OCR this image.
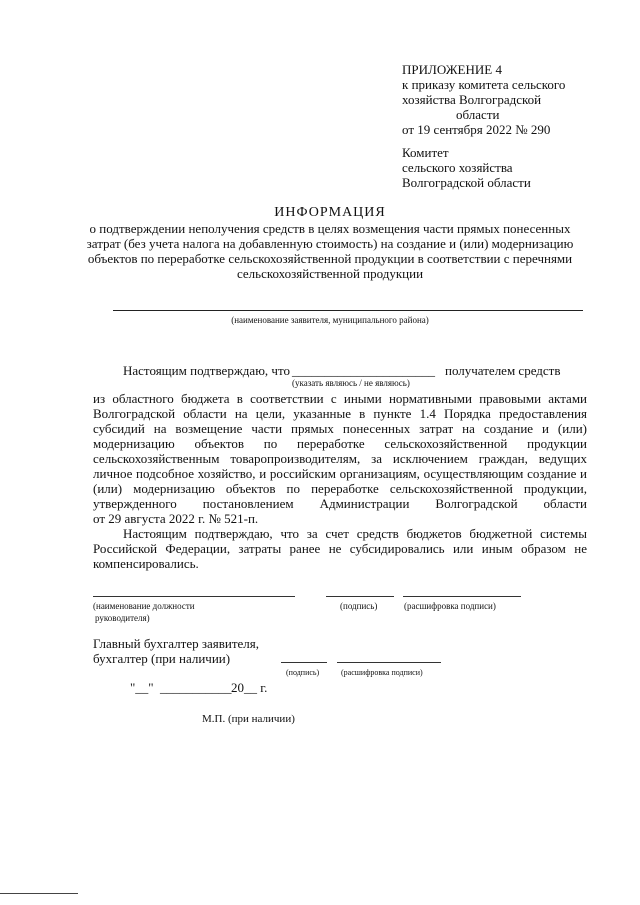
ПРИЛОЖЕНИЕ 4
к приказу комитета сельского
хозяйства Волгоградской
области
от 19 сентября 2022 № 290
Комитет
сельского хозяйства
Волгоградской области
ИНФОРМАЦИЯ
о подтверждении неполучения средств в целях возмещения части прямых понесенных
затрат (без учета налога на добавленную стоимость) на создание и (или) модернизацию
объектов по переработке сельскохозяйственной продукции в соответствии с перечнями
сельскохозяйственной продукции
(наименование заявителя, муниципального района)
Настоящим подтверждаю, что ______________________ получателем средств
(указать являюсь / не являюсь)
из областного бюджета в соответствии с иными нормативными правовыми актами
Волгоградской области на цели, указанные в пункте 1.4 Порядка предоставления
субсидий на возмещение части прямых понесенных затрат на создание и (или)
модернизацию объектов по переработке сельскохозяйственной продукции
сельскохозяйственным товаропроизводителям, за исключением граждан, ведущих
личное подсобное хозяйство, и российским организациям, осуществляющим создание и
(или) модернизацию объектов по переработке сельскохозяйственной продукции,
утвержденного постановлением Администрации Волгоградской области
от 29 августа 2022 г. № 521-п.
Настоящим подтверждаю, что за счет средств бюджетов бюджетной системы
Российской Федерации, затраты ранее не субсидировались или иным образом не
компенсировались.
(наименование должности
руководителя)
(подпись)	(расшифровка подписи)
Главный бухгалтер заявителя,
бухгалтер (при наличии)
(подпись)	(расшифровка подписи)
"__" ___________ 20__ г.
М.П. (при наличии)
